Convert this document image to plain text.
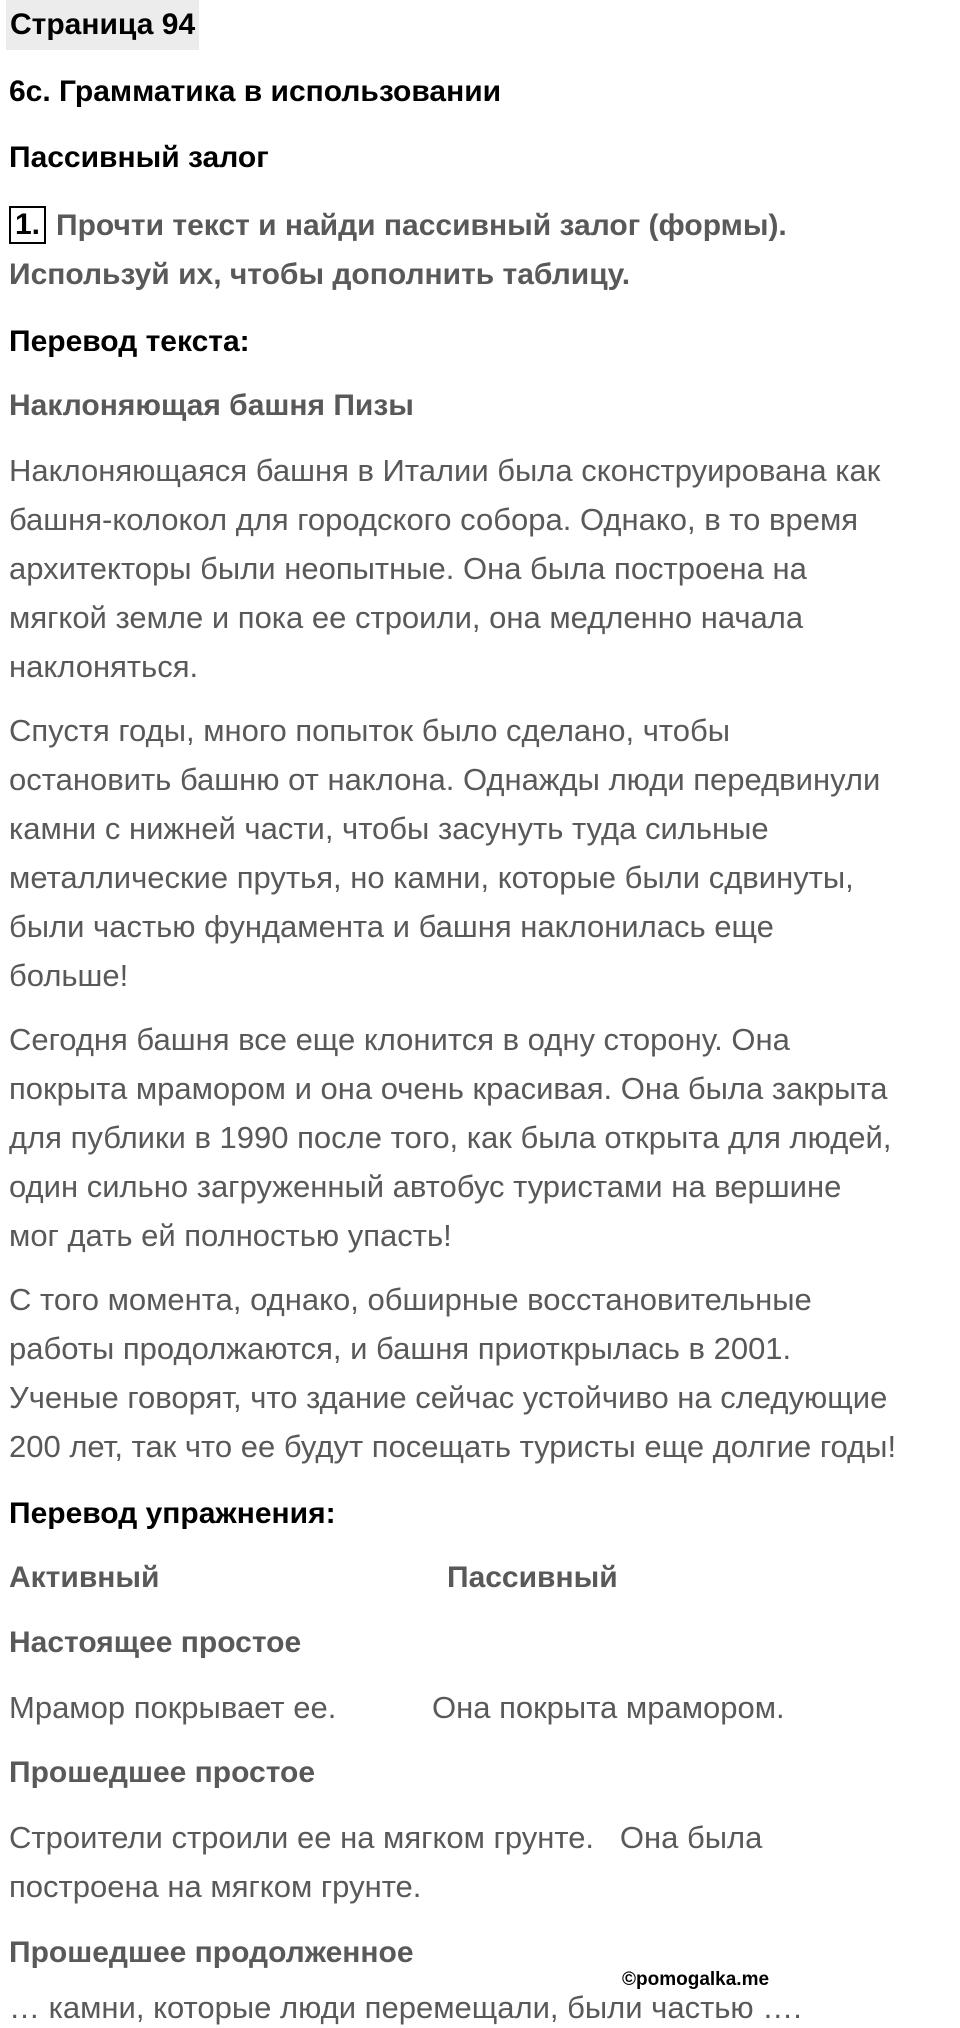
Страница 94
6c. Грамматика в использовании
Пассивный залог
1. Прочти текст и найди пассивный залог (формы).
Используй их, чтобы дополнить таблицу.
Перевод текста:
Наклоняющая башня Пизы
Наклоняющаяся башня в Италии была сконструирована как
башня-колокол для городского собора. Однако, в то время
архитекторы были неопытные. Она была построена на
мягкой земле и пока ее строили, она медленно начала
наклоняться.
Спустя годы, много попыток было сделано, чтобы
остановить башню от наклона. Однажды люди передвинули
камни с нижней части, чтобы засунуть туда сильные
металлические прутья, но камни, которые были сдвинуты,
были частью фундамента и башня наклонилась еще
больше!
Сегодня башня все еще клонится в одну сторону. Она
покрыта мрамором и она очень красивая. Она была закрыта
для публики в 1990 после того, как была открыта для людей,
один сильно загруженный автобус туристами на вершине
мог дать ей полностью упасть!
С того момента, однако, обширные восстановительные
работы продолжаются, и башня приоткрылась в 2001.
Ученые говорят, что здание сейчас устойчиво на следующие
200 лет, так что ее будут посещать туристы еще долгие годы!
Перевод упражнения:
Активный	Пассивный
Настоящее простое
Мрамор покрывает ее.	Она покрыта мрамором.
Прошедшее простое
Строители строили ее на мягком грунте.   Она была
построена на мягком грунте.
Прошедшее продолженное
… камни, которые люди перемещали, были частью ….
©pomogalka.me
